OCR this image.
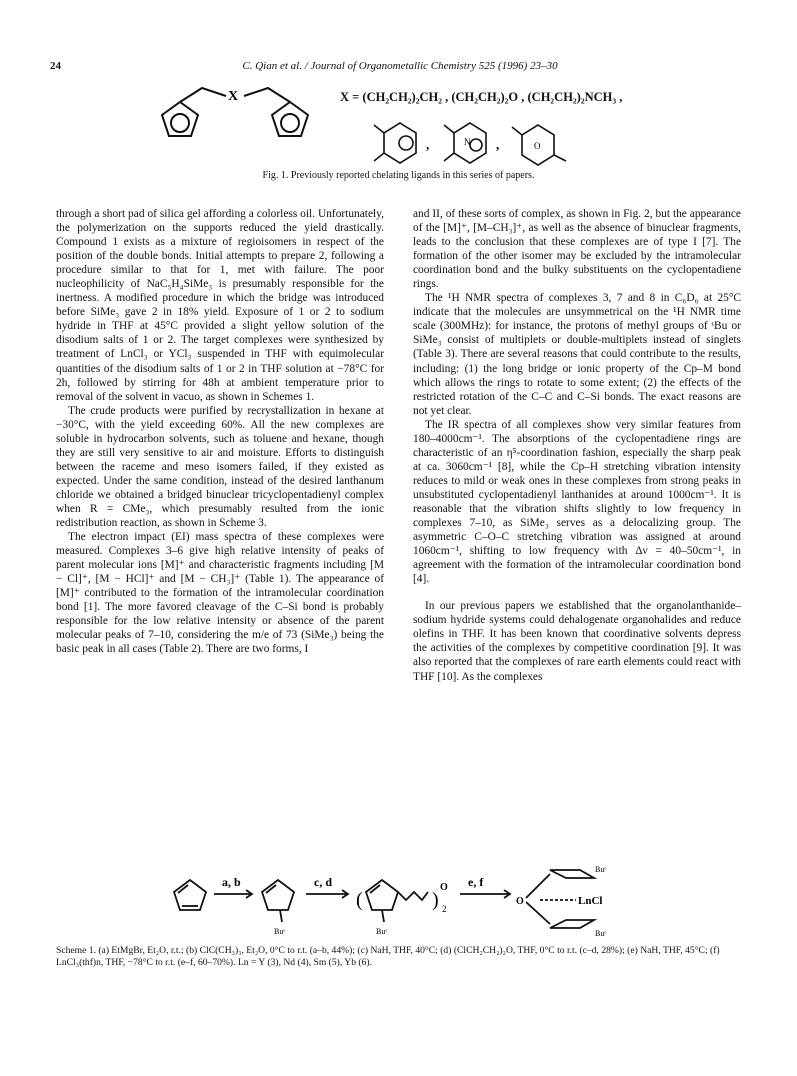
24	C. Qian et al. / Journal of Organometallic Chemistry 525 (1996) 23–30
X	X = (CH₂CH₂)₂CH₂ , (CH₂CH₂)₂O , (CH₂CH₂)₂NCH₃ ,
,	,
N	O
Fig. 1. Previously reported chelating ligands in this series of papers.

through a short pad of silica gel affording a colorless oil. Unfortunately, the polymerization on the supports reduced the yield drastically. Compound 1 exists as a mixture of regioisomers in respect of the position of the double bonds. Initial attempts to prepare 2, following a procedure similar to that for 1, met with failure. The poor nucleophilicity of NaC₅H₄SiMe₃ is presumably responsible for the inertness. A modified procedure in which the bridge was introduced before SiMe₃ gave 2 in 18% yield. Exposure of 1 or 2 to sodium hydride in THF at 45°C provided a slight yellow solution of the disodium salts of 1 or 2. The target complexes were synthesized by treatment of LnCl₃ or YCl₃ suspended in THF with equimolecular quantities of the disodium salts of 1 or 2 in THF solution at −78°C for 2h, followed by stirring for 48h at ambient temperature prior to removal of the solvent in vacuo, as shown in Schemes 1.

The crude products were purified by recrystallization in hexane at −30°C, with the yield exceeding 60%. All the new complexes are soluble in hydrocarbon solvents, such as toluene and hexane, though they are still very sensitive to air and moisture. Efforts to distinguish between the raceme and meso isomers failed, if they existed as expected. Under the same condition, instead of the desired lanthanum chloride we obtained a bridged binuclear tricyclopentadienyl complex when R = CMe₃, which presumably resulted from the ionic redistribution reaction, as shown in Scheme 3.

The electron impact (EI) mass spectra of these complexes were measured. Complexes 3–6 give high relative intensity of peaks of parent molecular ions [M]⁺ and characteristic fragments including [M − Cl]⁺, [M − HCl]⁺ and [M − CH₃]⁺ (Table 1). The appearance of [M]⁺ contributed to the formation of the intramolecular coordination bond [1]. The more favored cleavage of the C–Si bond is probably responsible for the low relative intensity or absence of the parent molecular peaks of 7–10, considering the m/e of 73 (SiMe₃) being the basic peak in all cases (Table 2). There are two forms, I

and II, of these sorts of complex, as shown in Fig. 2, but the appearance of the [M]⁺, [M–CH₃]⁺, as well as the absence of binuclear fragments, leads to the conclusion that these complexes are of type I [7]. The formation of the other isomer may be excluded by the intramolecular coordination bond and the bulky substituents on the cyclopentadiene rings.

The ¹H NMR spectra of complexes 3, 7 and 8 in C₆D₆ at 25°C indicate that the molecules are unsymmetrical on the ¹H NMR time scale (300MHz): for instance, the protons of methyl groups of ᵗBu or SiMe₃ consist of multiplets or double-multiplets instead of singlets (Table 3). There are several reasons that could contribute to the results, including: (1) the long bridge or ionic property of the Cp–M bond which allows the rings to rotate to some extent; (2) the effects of the restricted rotation of the C–C and C–Si bonds. The exact reasons are not yet clear.

The IR spectra of all complexes show very similar features from 180–4000cm⁻¹. The absorptions of the cyclopentadiene rings are characteristic of an η⁵-coordination fashion, especially the sharp peak at ca. 3060cm⁻¹ [8], while the Cp–H stretching vibration intensity reduces to mild or weak ones in these complexes from strong peaks in unsubstituted cyclopentadienyl lanthanides at around 1000cm⁻¹. It is reasonable that the vibration shifts slightly to low frequency in complexes 7–10, as SiMe₃ serves as a delocalizing group. The asymmetric C–O–C stretching vibration was assigned at around 1060cm⁻¹, shifting to low frequency with Δν = 40–50cm⁻¹, in agreement with the formation of the intramolecular coordination bond [4].

In our previous papers we established that the organolanthanide–sodium hydride systems could dehalogenate organohalides and reduce olefins in THF. It has been known that coordinative solvents depress the activities of the complexes by competitive coordination [9]. It was also reported that the complexes of rare earth elements could react with THF [10]. As the complexes

(	) 2
O
a, b	c, d	e, f
Buᵗ	Buᵗ
Buᵗ
Buᵗ
O	LnCl
Scheme 1. (a) EtMgBr, Et₂O, r.t.; (b) ClC(CH₃)₃, Et₂O, 0°C to r.t. (a–b, 44%); (c) NaH, THF, 40°C; (d) (ClCH₂CH₂)₂O, THF, 0°C to r.t. (c–d, 28%); (e) NaH, THF, 45°C; (f) LnCl₃(thf)n, THF, −78°C to r.t. (e–f, 60–70%). Ln = Y (3), Nd (4), Sm (5), Yb (6).
